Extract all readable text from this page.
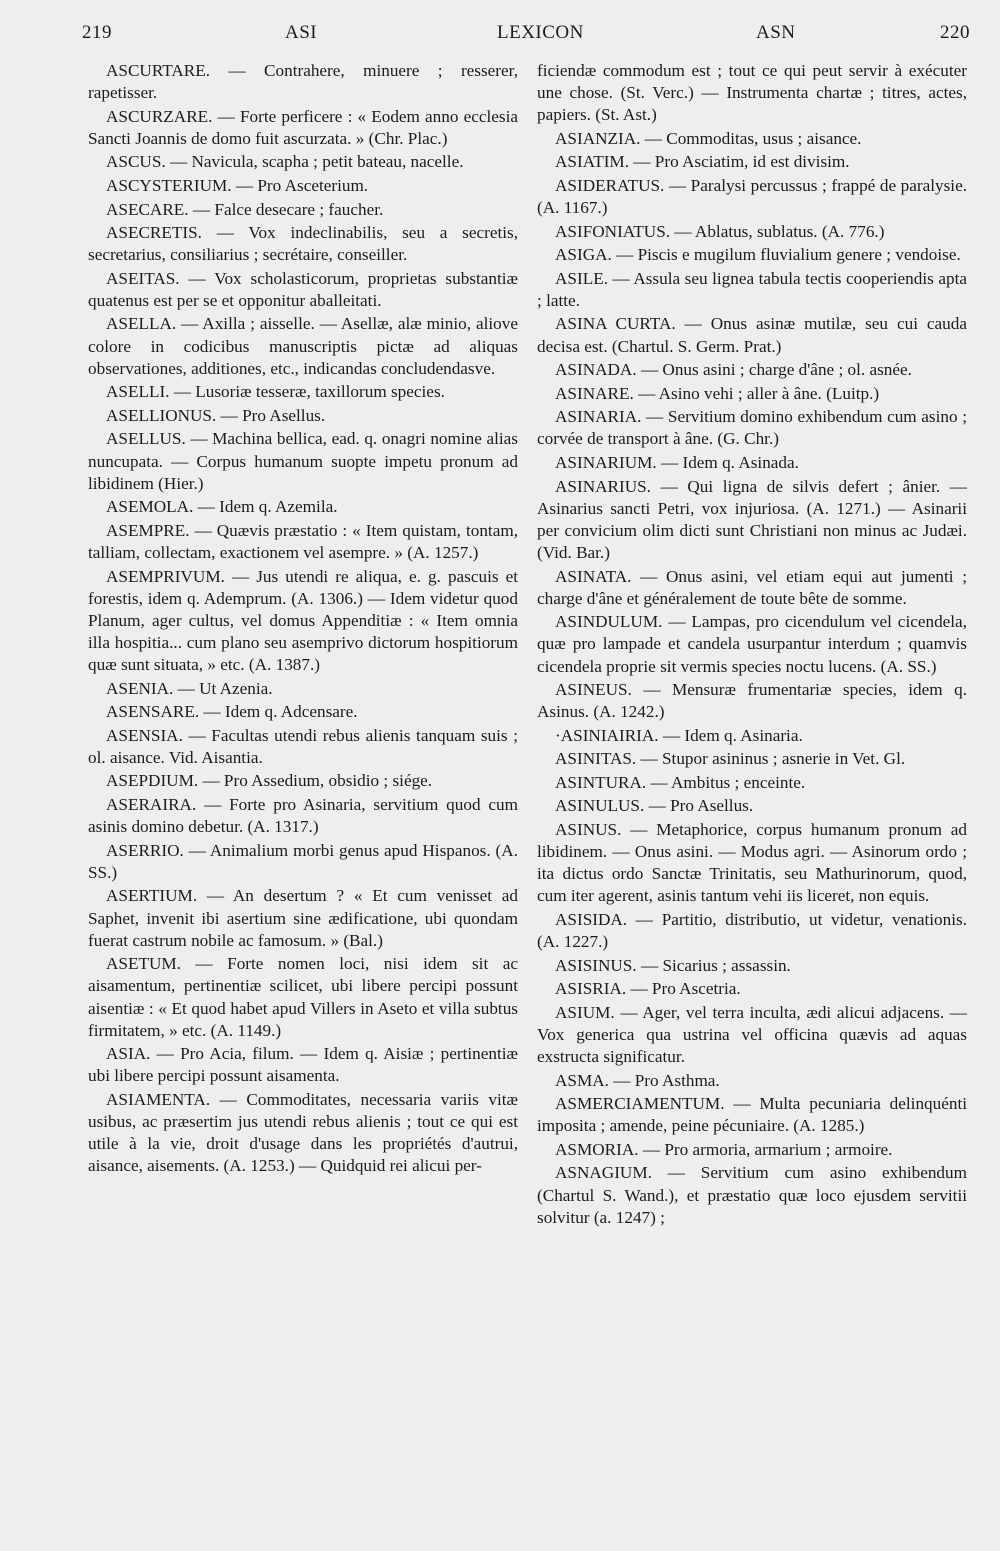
219	ASI	LEXICON	ASN	220

ASCURTARE. — Contrahere, minuere ; resserer, rapetisser.

ASCURZARE. — Forte perficere : « Eodem anno ecclesia Sancti Joannis de domo fuit ascurzata. » (Chr. Plac.)

ASCUS. — Navicula, scapha ; petit bateau, nacelle.

ASCYSTERIUM. — Pro Asceterium.

ASECARE. — Falce desecare ; faucher.

ASECRETIS. — Vox indeclinabilis, seu a secretis, secretarius, consiliarius ; secrétaire, conseiller.

ASEITAS. — Vox scholasticorum, proprietas substantiæ quatenus est per se et opponitur aballeitati.

ASELLA. — Axilla ; aisselle. — Asellæ, alæ minio, aliove colore in codicibus manuscriptis pictæ ad aliquas observationes, additiones, etc., indicandas concludendasve.

ASELLI. — Lusoriæ tesseræ, taxillorum species.

ASELLIONUS. — Pro Asellus.

ASELLUS. — Machina bellica, ead. q. onagri nomine alias nuncupata. — Corpus humanum suopte impetu pronum ad libidinem (Hier.)

ASEMOLA. — Idem q. Azemila.

ASEMPRE. — Quævis præstatio : « Item quistam, tontam, talliam, collectam, exactionem vel asempre. » (A. 1257.)

ASEMPRIVUM. — Jus utendi re aliqua, e. g. pascuis et forestis, idem q. Ademprum. (A. 1306.) — Idem videtur quod Planum, ager cultus, vel domus Appenditiæ : « Item omnia illa hospitia... cum plano seu asemprivo dictorum hospitiorum quæ sunt situata, » etc. (A. 1387.)

ASENIA. — Ut Azenia.

ASENSARE. — Idem q. Adcensare.

ASENSIA. — Facultas utendi rebus alienis tanquam suis ; ol. aisance. Vid. Aisantia.

ASEPDIUM. — Pro Assedium, obsidio ; siége.

ASERAIRA. — Forte pro Asinaria, servitium quod cum asinis domino debetur. (A. 1317.)

ASERRIO. — Animalium morbi genus apud Hispanos. (A. SS.)

ASERTIUM. — An desertum ? « Et cum venisset ad Saphet, invenit ibi asertium sine ædificatione, ubi quondam fuerat castrum nobile ac famosum. » (Bal.)

ASETUM. — Forte nomen loci, nisi idem sit ac aisamentum, pertinentiæ scilicet, ubi libere percipi possunt aisentiæ : « Et quod habet apud Villers in Aseto et villa subtus firmitatem, » etc. (A. 1149.)

ASIA. — Pro Acia, filum. — Idem q. Aisiæ ; pertinentiæ ubi libere percipi possunt aisamenta.

ASIAMENTA. — Commoditates, necessaria variis vitæ usibus, ac præsertim jus utendi rebus alienis ; tout ce qui est utile à la vie, droit d'usage dans les propriétés d'autrui, aisance, aisements. (A. 1253.) — Quidquid rei alicui per-

ficiendæ commodum est ; tout ce qui peut servir à exécuter une chose. (St. Verc.) — Instrumenta chartæ ; titres, actes, papiers. (St. Ast.)

ASIANZIA. — Commoditas, usus ; aisance.

ASIATIM. — Pro Asciatim, id est divisim.

ASIDERATUS. — Paralysi percussus ; frappé de paralysie. (A. 1167.)

ASIFONIATUS. — Ablatus, sublatus. (A. 776.)

ASIGA. — Piscis e mugilum fluvialium genere ; vendoise.

ASILE. — Assula seu lignea tabula tectis cooperiendis apta ; latte.

ASINA CURTA. — Onus asinæ mutilæ, seu cui cauda decisa est. (Chartul. S. Germ. Prat.)

ASINADA. — Onus asini ; charge d'âne ; ol. asnée.

ASINARE. — Asino vehi ; aller à âne. (Luitp.)

ASINARIA. — Servitium domino exhibendum cum asino ; corvée de transport à âne. (G. Chr.)

ASINARIUM. — Idem q. Asinada.

ASINARIUS. — Qui ligna de silvis defert ; ânier. — Asinarius sancti Petri, vox injuriosa. (A. 1271.) — Asinarii per convicium olim dicti sunt Christiani non minus ac Judæi. (Vid. Bar.)

ASINATA. — Onus asini, vel etiam equi aut jumenti ; charge d'âne et généralement de toute bête de somme.

ASINDULUM. — Lampas, pro cicendulum vel cicendela, quæ pro lampade et candela usurpantur interdum ; quamvis cicendela proprie sit vermis species noctu lucens. (A. SS.)

ASINEUS. — Mensuræ frumentariæ species, idem q. Asinus. (A. 1242.)

·ASINIAIRIA. — Idem q. Asinaria.

ASINITAS. — Stupor asininus ; asnerie in Vet. Gl.

ASINTURA. — Ambitus ; enceinte.

ASINULUS. — Pro Asellus.

ASINUS. — Metaphorice, corpus humanum pronum ad libidinem. — Onus asini. — Modus agri. — Asinorum ordo ; ita dictus ordo Sanctæ Trinitatis, seu Mathurinorum, quod, cum iter agerent, asinis tantum vehi iis liceret, non equis.

ASISIDA. — Partitio, distributio, ut videtur, venationis. (A. 1227.)

ASISINUS. — Sicarius ; assassin.

ASISRIA. — Pro Ascetria.

ASIUM. — Ager, vel terra inculta, ædi alicui adjacens. — Vox generica qua ustrina vel officina quævis ad aquas exstructa significatur.

ASMA. — Pro Asthma.

ASMERCIAMENTUM. — Multa pecuniaria delinquénti imposita ; amende, peine pécuniaire. (A. 1285.)

ASMORIA. — Pro armoria, armarium ; armoire.

ASNAGIUM. — Servitium cum asino exhibendum (Chartul S. Wand.), et præstatio quæ loco ejusdem servitii solvitur (a. 1247) ;
